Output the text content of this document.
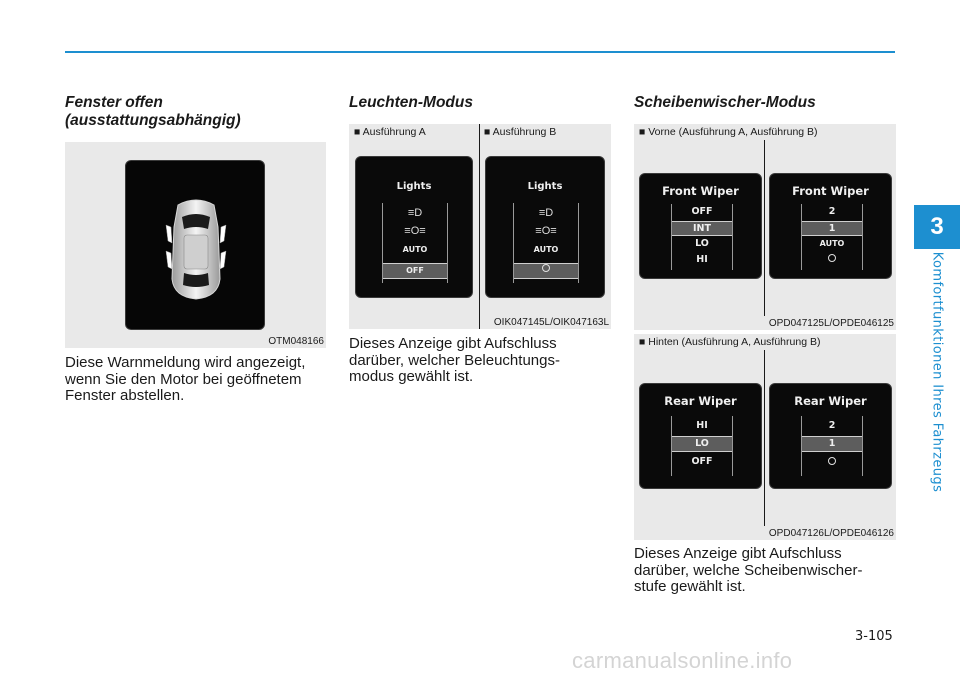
3
Komfortfunktionen Ihres Fahrzeugs
Fenster offen
(ausstattungsabhängig)
OTM048166
Diese Warnmeldung wird angezeigt,
wenn Sie den Motor bei geöffnetem
Fenster abstellen.
Leuchten-Modus
■ Ausführung A	■ Ausführung B
Lights
≡D
≡O≡
AUTO
OFF
Lights
≡D
≡O≡
AUTO
OIK047145L/OIK047163L
Dieses Anzeige gibt Aufschluss
darüber, welcher Beleuchtungs-
modus gewählt ist.
Scheibenwischer-Modus
■ Vorne (Ausführung A, Ausführung B)
Front Wiper
OFF
INT
LO
HI
Front Wiper
2
1
AUTO
OPD047125L/OPDE046125
■ Hinten (Ausführung A, Ausführung B)
Rear Wiper
HI
LO
OFF
Rear Wiper
2
1
OPD047126L/OPDE046126
Dieses Anzeige gibt Aufschluss
darüber, welche Scheibenwischer-
stufe gewählt ist.
3-105
carmanualsonline.info
